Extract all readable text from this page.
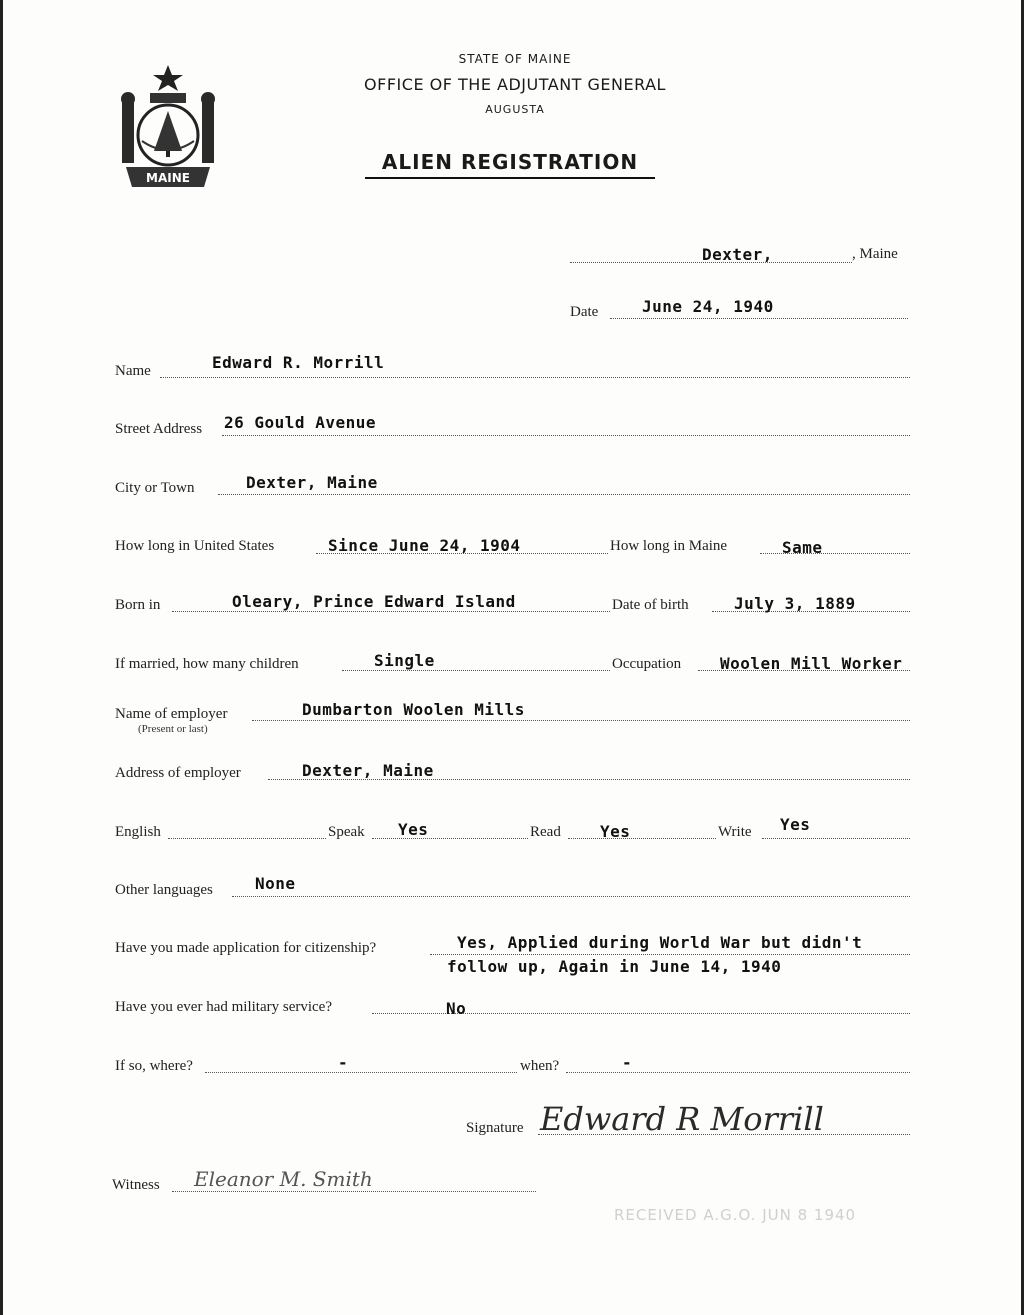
MAINE
STATE OF MAINE
OFFICE OF THE ADJUTANT GENERAL
AUGUSTA
ALIEN REGISTRATION
Dexter,	, Maine
Date	June 24, 1940
Name	Edward R. Morrill
Street Address 26 Gould Avenue
City or Town	Dexter, Maine
How long in United States	Since June 24, 1904	How long in Maine	Same
Born in	Oleary, Prince Edward Island	Date of birth	July 3, 1889
If married, how many children	Single	Occupation Woolen Mill Worker
Name of employer
(Present or last)
Dumbarton Woolen Mills
Address of employer	Dexter, Maine
English	Speak Yes	Read Yes	Write Yes
Other languages	None
Have you made application for citizenship?	Yes, Applied during World War but didn't
follow up, Again in June 14, 1940
Have you ever had military service?	No
If so, where?	-	when?	-
Signature Edward R Morrill
Witness Eleanor M. Smith
RECEIVED A.G.O. JUN 8 1940
